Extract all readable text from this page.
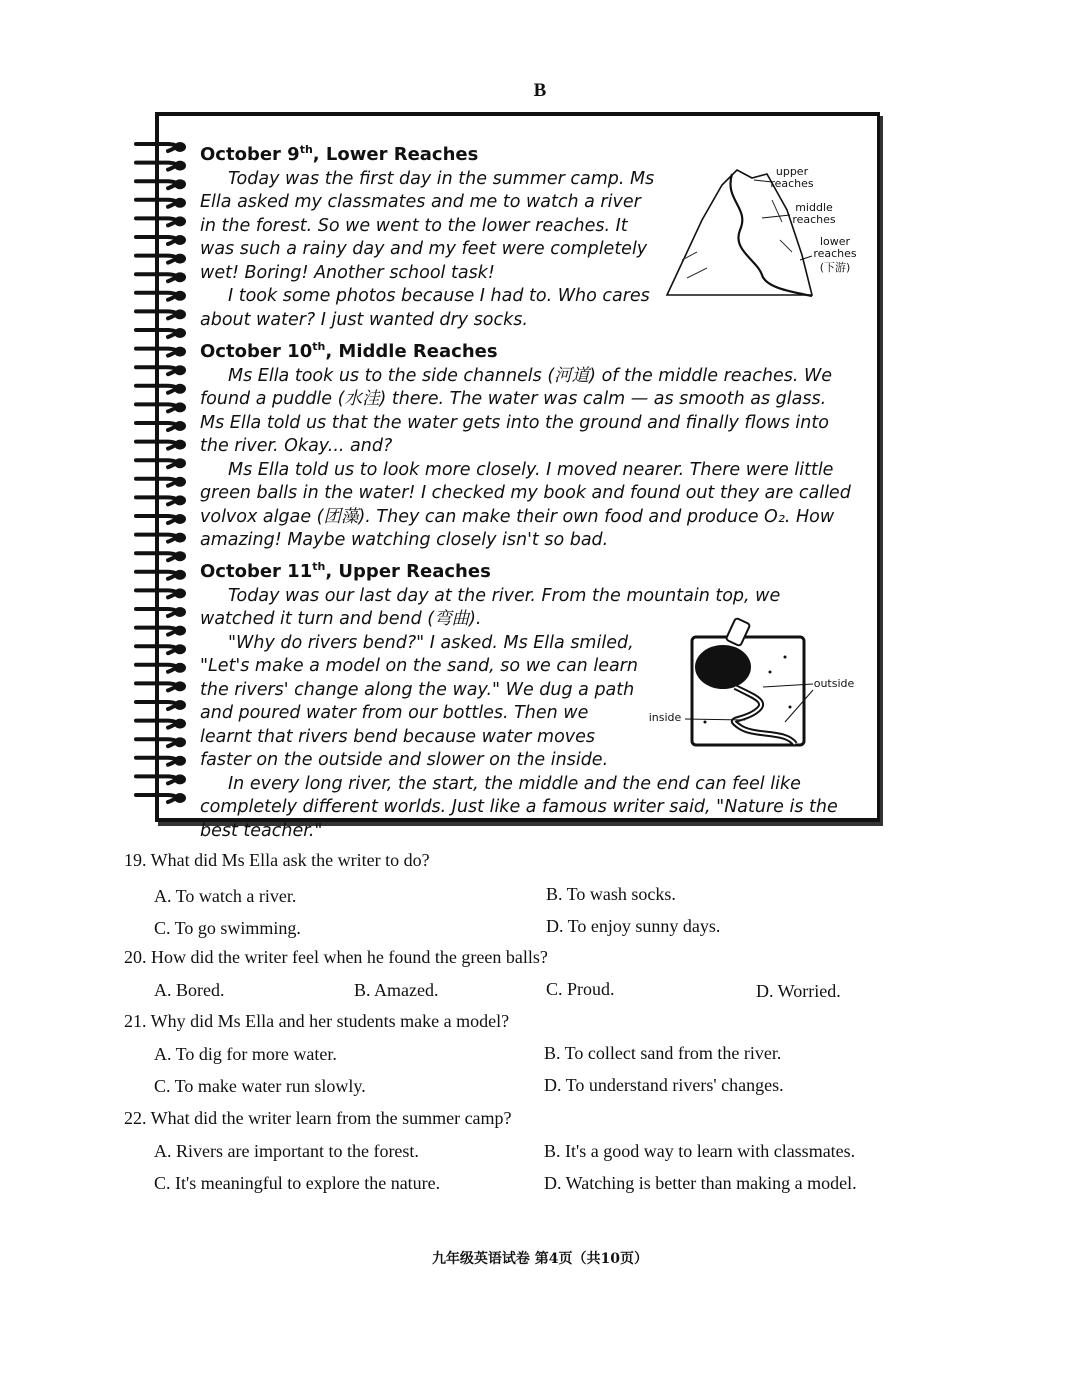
B
October 9th, Lower Reaches

Today was the first day in the summer camp. Ms Ella asked my classmates and me to watch a river in the forest. So we went to the lower reaches. It was such a rainy day and my feet were completely wet! Boring! Another school task!

I took some photos because I had to. Who cares about water? I just wanted dry socks.

upper reaches
middle reaches
lower reaches
(下游)
October 10th, Middle Reaches

Ms Ella took us to the side channels (河道) of the middle reaches. We found a puddle (水洼) there. The water was calm — as smooth as glass. Ms Ella told us that the water gets into the ground and finally flows into the river. Okay... and?

Ms Ella told us to look more closely. I moved nearer. There were little green balls in the water! I checked my book and found out they are called volvox algae (团藻). They can make their own food and produce O₂. How amazing! Maybe watching closely isn't so bad.

October 11th, Upper Reaches

Today was our last day at the river. From the mountain top, we watched it turn and bend (弯曲).

"Why do rivers bend?" I asked. Ms Ella smiled, "Let's make a model on the sand, so we can learn the rivers' change along the way." We dug a path and poured water from our bottles. Then we learnt that rivers bend because water moves faster on the outside and slower on the inside.

In every long river, the start, the middle and the end can feel like completely different worlds. Just like a famous writer said, "Nature is the best teacher."

outside
inside
19. What did Ms Ella ask the writer to do?
A. To watch a river.	B. To wash socks.
C. To go swimming.	D. To enjoy sunny days.
20. How did the writer feel when he found the green balls?
A. Bored.	B. Amazed.	C. Proud.	D. Worried.
21. Why did Ms Ella and her students make a model?
A. To dig for more water.	B. To collect sand from the river.
C. To make water run slowly.	D. To understand rivers' changes.
22. What did the writer learn from the summer camp?
A. Rivers are important to the forest.	B. It's a good way to learn with classmates.
C. It's meaningful to explore the nature.	D. Watching is better than making a model.
九年级英语试卷 第4页（共10页）
